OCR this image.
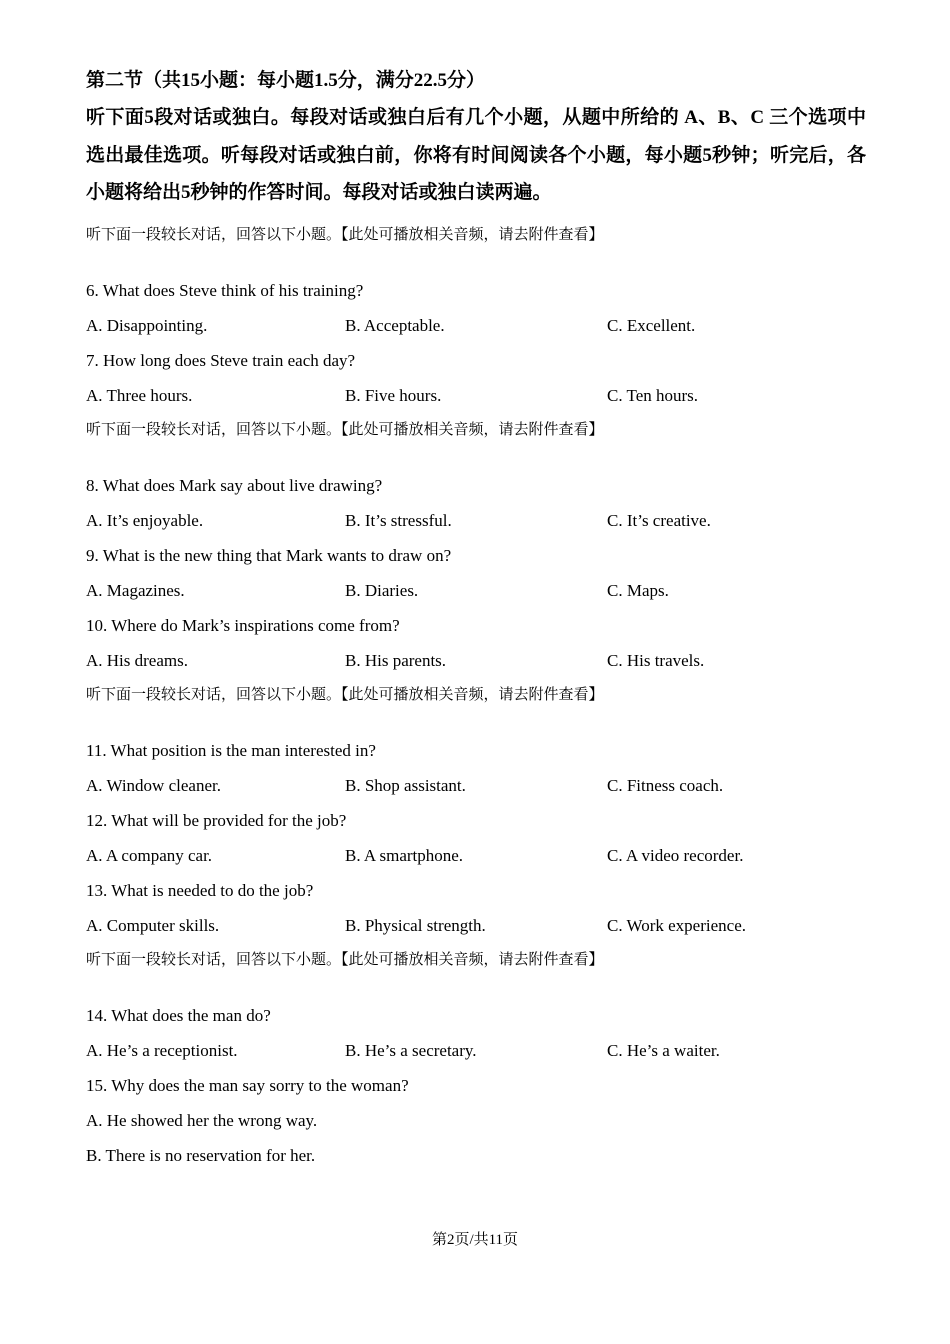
第二节（共15小题：每小题1.5分，满分22.5分）
听下面5段对话或独白。每段对话或独白后有几个小题，从题中所给的 A、B、C 三个选项中选出最佳选项。听每段对话或独白前，你将有时间阅读各个小题，每小题5秒钟；听完后，各小题将给出5秒钟的作答时间。每段对话或独白读两遍。
听下面一段较长对话，回答以下小题。【此处可播放相关音频，请去附件查看】
6. What does Steve think of his training?
A. Disappointing.	B. Acceptable.	C. Excellent.
7. How long does Steve train each day?
A. Three hours.	B. Five hours.	C. Ten hours.
听下面一段较长对话，回答以下小题。【此处可播放相关音频，请去附件查看】
8. What does Mark say about live drawing?
A. It’s enjoyable.	B. It’s stressful.	C. It’s creative.
9. What is the new thing that Mark wants to draw on?
A. Magazines.	B. Diaries.	C. Maps.
10. Where do Mark’s inspirations come from?
A. His dreams.	B. His parents.	C. His travels.
听下面一段较长对话，回答以下小题。【此处可播放相关音频，请去附件查看】
11. What position is the man interested in?
A. Window cleaner.	B. Shop assistant.	C. Fitness coach.
12. What will be provided for the job?
A. A company car.	B. A smartphone.	C. A video recorder.
13. What is needed to do the job?
A. Computer skills.	B. Physical strength.	C. Work experience.
听下面一段较长对话，回答以下小题。【此处可播放相关音频，请去附件查看】
14. What does the man do?
A. He’s a receptionist.	B. He’s a secretary.	C. He’s a waiter.
15. Why does the man say sorry to the woman?
A. He showed her the wrong way.
B. There is no reservation for her.
第2页/共11页
